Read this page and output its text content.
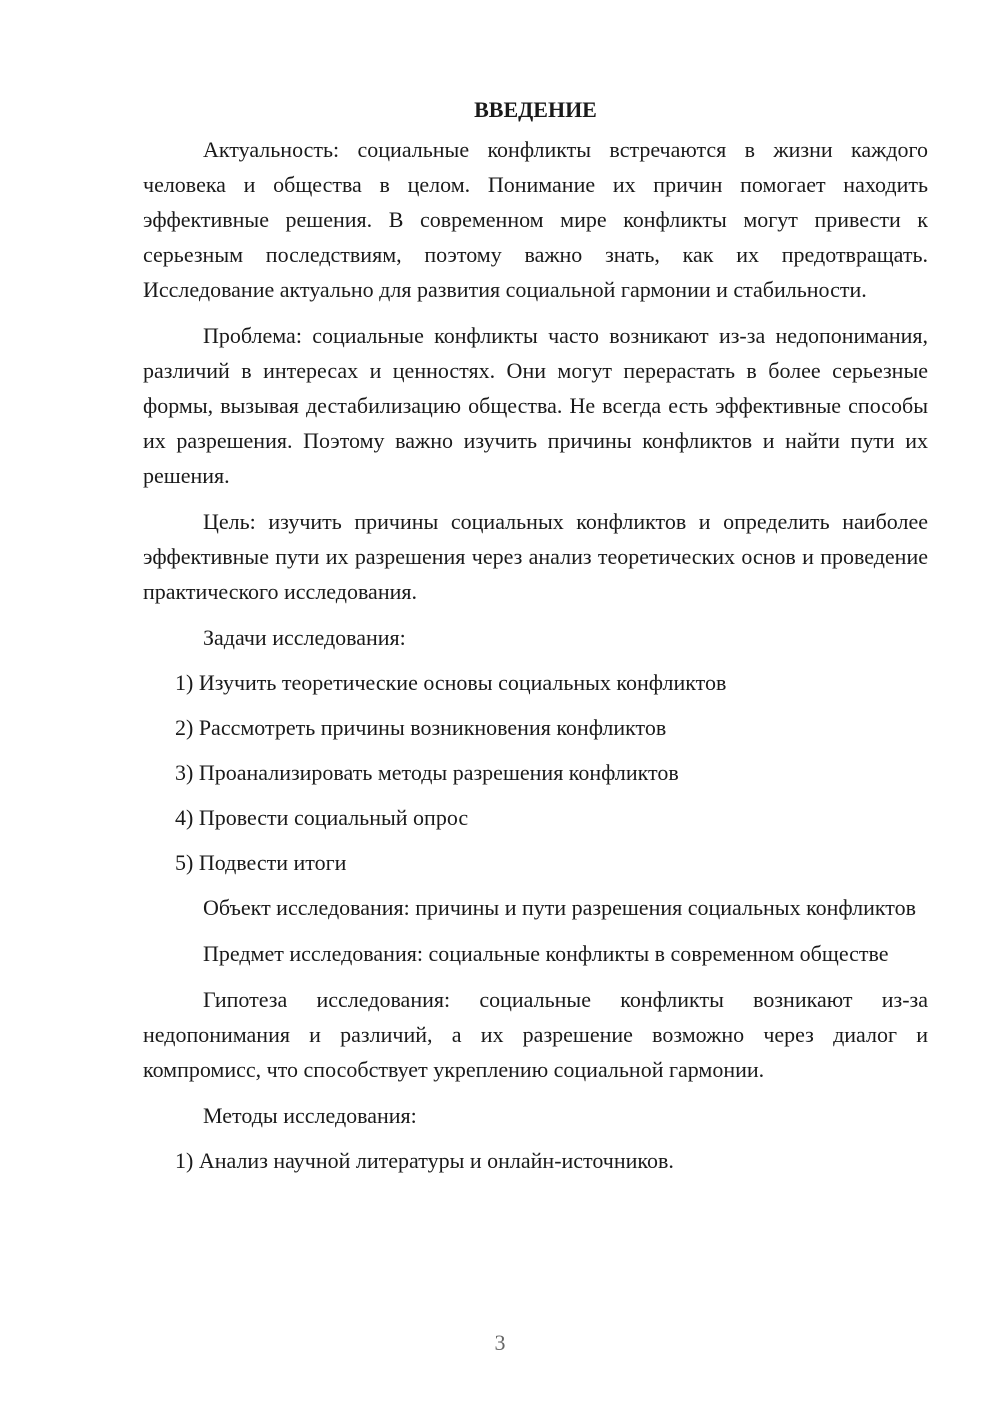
ВВЕДЕНИЕ

Актуальность: социальные конфликты встречаются в жизни каждого человека и общества в целом. Понимание их причин помогает находить эффективные решения. В современном мире конфликты могут привести к серьезным последствиям, поэтому важно знать, как их предотвращать. Исследование актуально для развития социальной гармонии и стабильности.

Проблема: социальные конфликты часто возникают из-за недопонимания, различий в интересах и ценностях. Они могут перерастать в более серьезные формы, вызывая дестабилизацию общества. Не всегда есть эффективные способы их разрешения. Поэтому важно изучить причины конфликтов и найти пути их решения.

Цель: изучить причины социальных конфликтов и определить наиболее эффективные пути их разрешения через анализ теоретических основ и проведение практического исследования.

Задачи исследования:

1) Изучить теоретические основы социальных конфликтов
2) Рассмотреть причины возникновения конфликтов
3) Проанализировать методы разрешения конфликтов
4) Провести социальный опрос
5) Подвести итоги

Объект исследования: причины и пути разрешения социальных конфликтов

Предмет исследования: социальные конфликты в современном обществе

Гипотеза исследования: социальные конфликты возникают из-за недопонимания и различий, а их разрешение возможно через диалог и компромисс, что способствует укреплению социальной гармонии.

Методы исследования:

1) Анализ научной литературы и онлайн-источников.
3
